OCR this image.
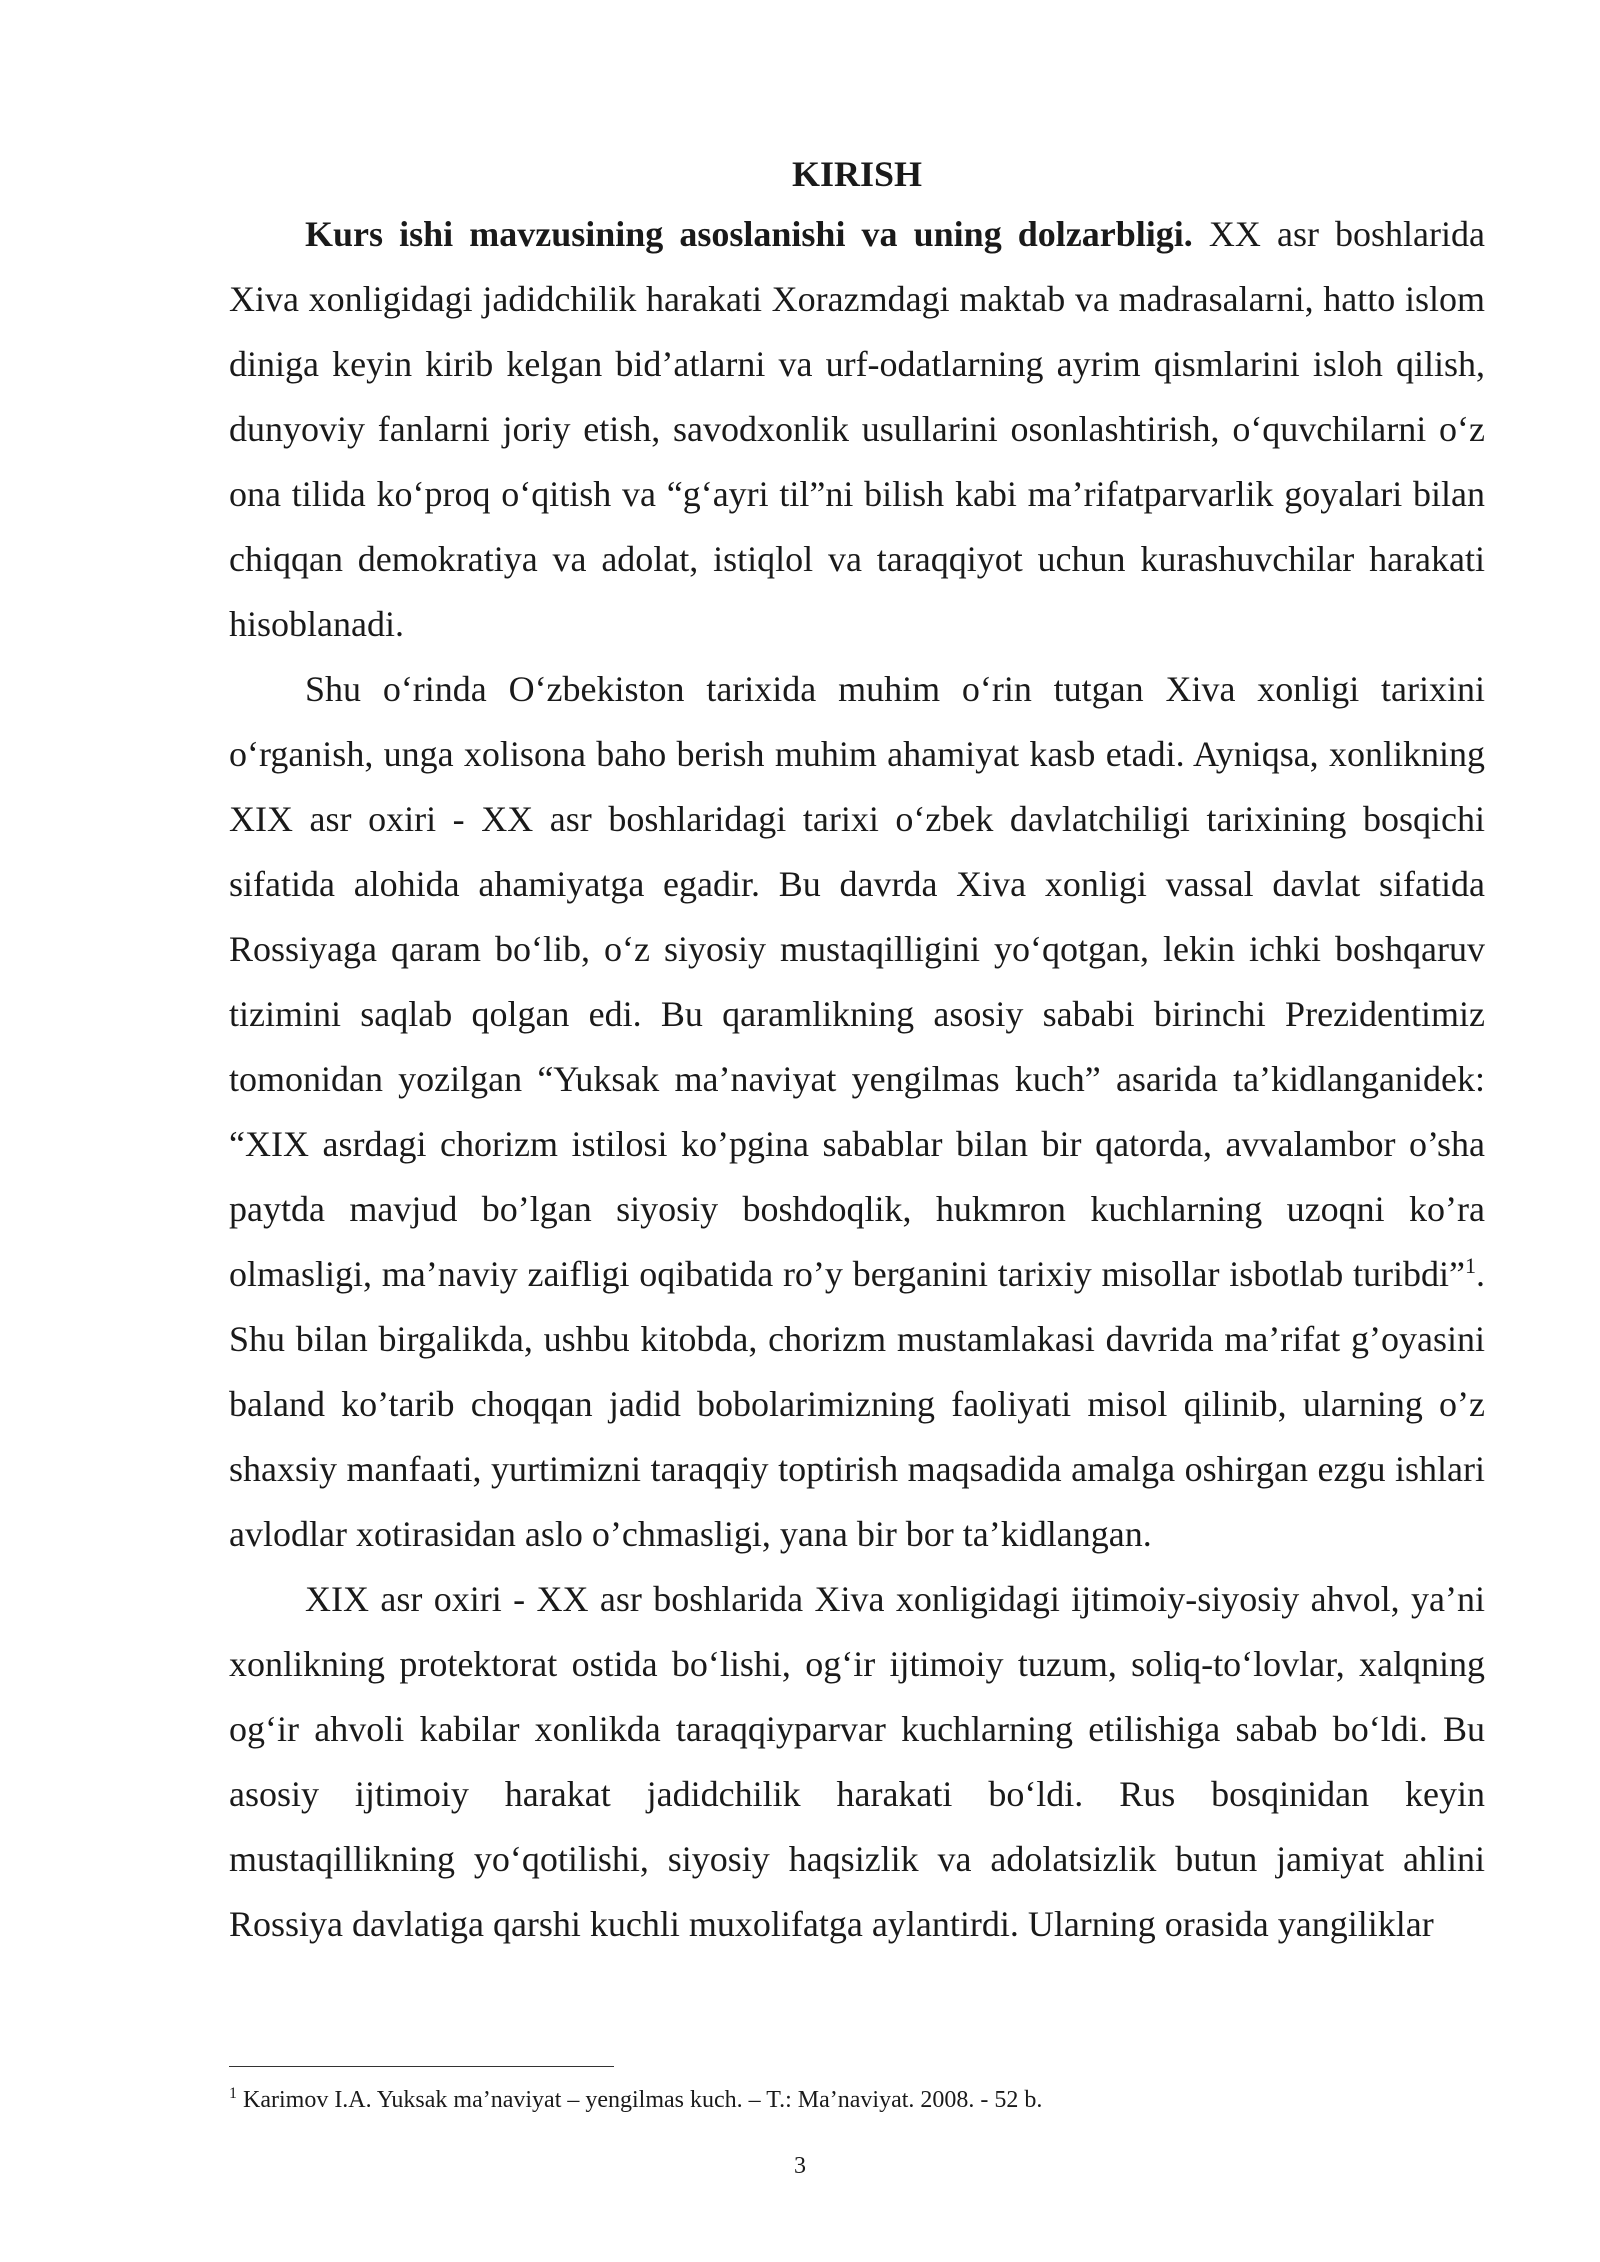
KIRISH

Kurs ishi mavzusining asoslanishi va uning dolzarbligi. XX asr boshlarida Xiva xonligidagi jadidchilik harakati Xorazmdagi maktab va madrasalarni, hatto islom diniga keyin kirib kelgan bid’atlarni va urf-odatlarning ayrim qismlarini isloh qilish, dunyoviy fanlarni joriy etish, savodxonlik usullarini osonlashtirish, o‘quvchilarni o‘z ona tilida ko‘proq o‘qitish va “g‘ayri til”ni bilish kabi ma’rifatparvarlik goyalari bilan chiqqan demokratiya va adolat, istiqlol va taraqqiyot uchun kurashuvchilar harakati hisoblanadi.

Shu o‘rinda O‘zbekiston tarixida muhim o‘rin tutgan Xiva xonligi tarixini o‘rganish, unga xolisona baho berish muhim ahamiyat kasb etadi. Ayniqsa, xonlikning XIX asr oxiri - XX asr boshlaridagi tarixi o‘zbek davlatchiligi tarixining bosqichi sifatida alohida ahamiyatga egadir. Bu davrda Xiva xonligi vassal davlat sifatida Rossiyaga qaram bo‘lib, o‘z siyosiy mustaqilligini yo‘qotgan, lekin ichki boshqaruv tizimini saqlab qolgan edi. Bu qaramlikning asosiy sababi birinchi Prezidentimiz tomonidan yozilgan “Yuksak ma’naviyat yengilmas kuch” asarida ta’kidlanganidek: “XIX asrdagi chorizm istilosi ko’pgina sabablar bilan bir qatorda, avvalambor o’sha paytda mavjud bo’lgan siyosiy boshdoqlik, hukmron kuchlarning uzoqni ko’ra olmasligi, ma’naviy zaifligi oqibatida ro’y berganini tarixiy misollar isbotlab turibdi”$^1$. Shu bilan birgalikda, ushbu kitobda, chorizm mustamlakasi davrida ma’rifat g’oyasini baland ko’tarib choqqan jadid bobolarimizning faoliyati misol qilinib, ularning o’z shaxsiy manfaati, yurtimizni taraqqiy toptirish maqsadida amalga oshirgan ezgu ishlari avlodlar xotirasidan aslo o’chmasligi, yana bir bor ta’kidlangan.

XIX asr oxiri - XX asr boshlarida Xiva xonligidagi ijtimoiy-siyosiy ahvol, ya’ni xonlikning protektorat ostida bo‘lishi, og‘ir ijtimoiy tuzum, soliq-to‘lovlar, xalqning og‘ir ahvoli kabilar xonlikda taraqqiyparvar kuchlarning etilishiga sabab bo‘ldi. Bu asosiy ijtimoiy harakat jadidchilik harakati bo‘ldi. Rus bosqinidan keyin mustaqillikning yo‘qotilishi, siyosiy haqsizlik va adolatsizlik butun jamiyat ahlini Rossiya davlatiga qarshi kuchli muxolifatga aylantirdi. Ularning orasida yangiliklar

$^1$ Karimov I.A. Yuksak ma’naviyat – yengilmas kuch. – T.: Ma’naviyat. 2008. - 52 b.
3
